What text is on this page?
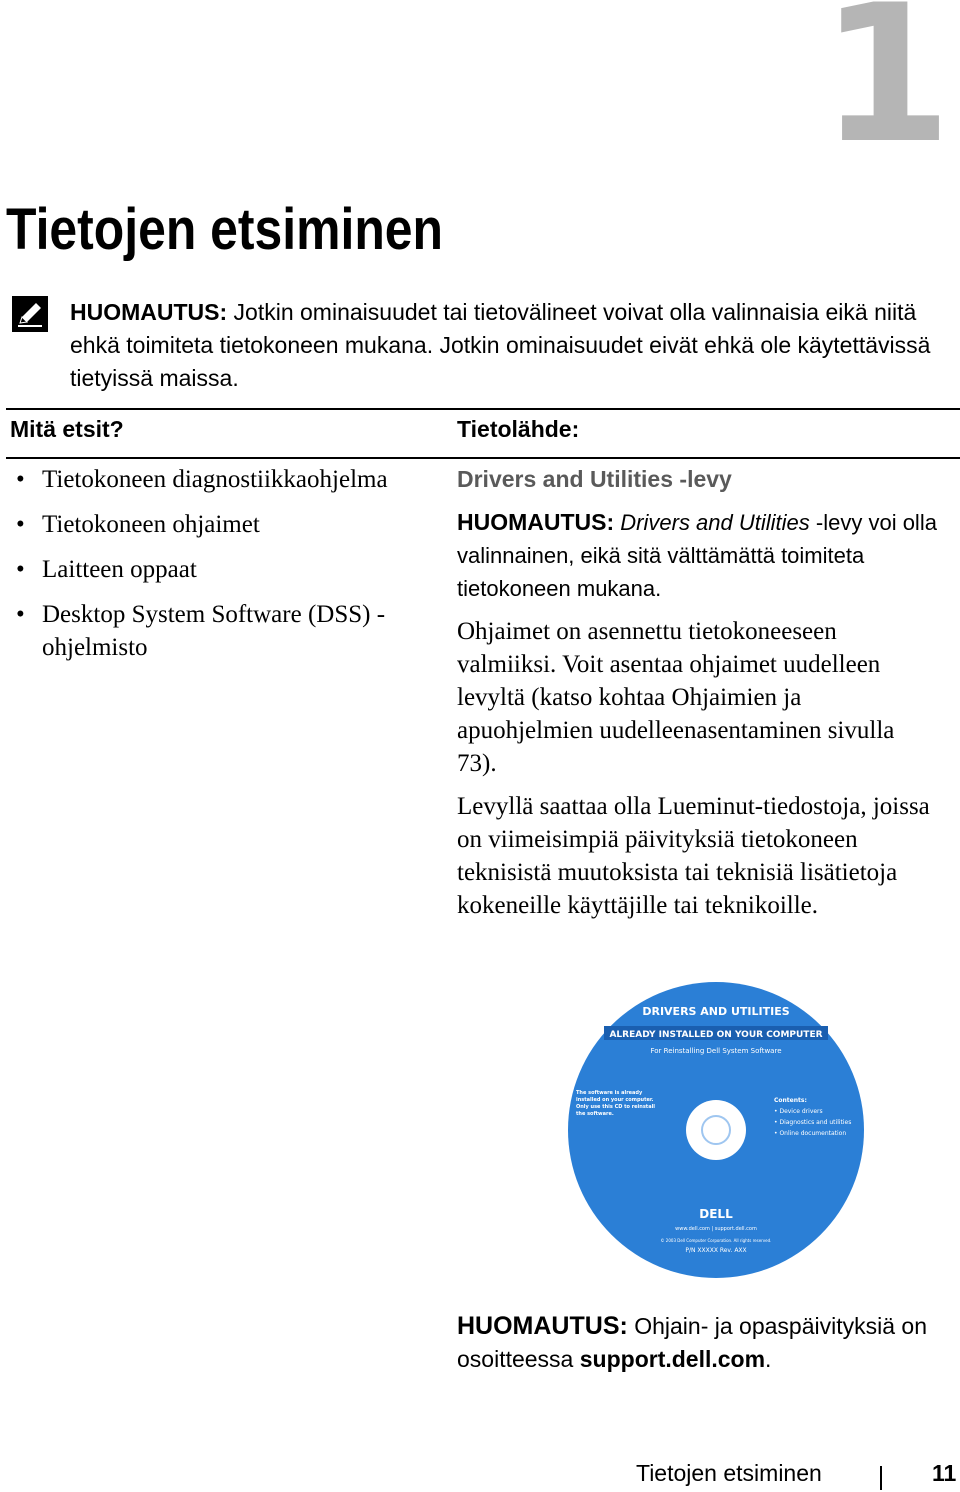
1
Tietojen etsiminen
HUOMAUTUS: Jotkin ominaisuudet tai tietovälineet voivat olla valinnaisia eikä niitä ehkä toimiteta tietokoneen mukana. Jotkin ominaisuudet eivät ehkä ole käytettävissä tietyissä maissa.
Mitä etsit?	Tietolähde:
• Tietokoneen diagnostiikkaohjelma
• Tietokoneen ohjaimet
• Laitteen oppaat
• Desktop System Software (DSS) - ohjelmisto

Drivers and Utilities -levy

HUOMAUTUS: Drivers and Utilities -levy voi olla valinnainen, eikä sitä välttämättä toimiteta tietokoneen mukana.

Ohjaimet on asennettu tietokoneeseen valmiiksi. Voit asentaa ohjaimet uudelleen levyltä (katso kohtaa Ohjaimien ja apuohjelmien uudelleenasentaminen sivulla 73).

Levyllä saattaa olla Lueminut-tiedostoja, joissa on viimeisimpiä päivityksiä tietokoneen teknisistä muutoksista tai teknisiä lisätietoja kokeneille käyttäjille tai teknikoille.

DRIVERS AND UTILITIES
ALREADY INSTALLED ON YOUR COMPUTER
For Reinstalling Dell System Software
The software is already installed on your computer. Only use this CD to reinstall the software.
Contents:
• Device drivers
• Diagnostics and utilities
• Online documentation
DELL
www.dell.com | support.dell.com
© 2003 Dell Computer Corporation. All rights reserved.
P/N XXXXX Rev. AXX
HUOMAUTUS: Ohjain- ja opaspäivityksiä on osoitteessa support.dell.com.
Tietojen etsiminen	11
